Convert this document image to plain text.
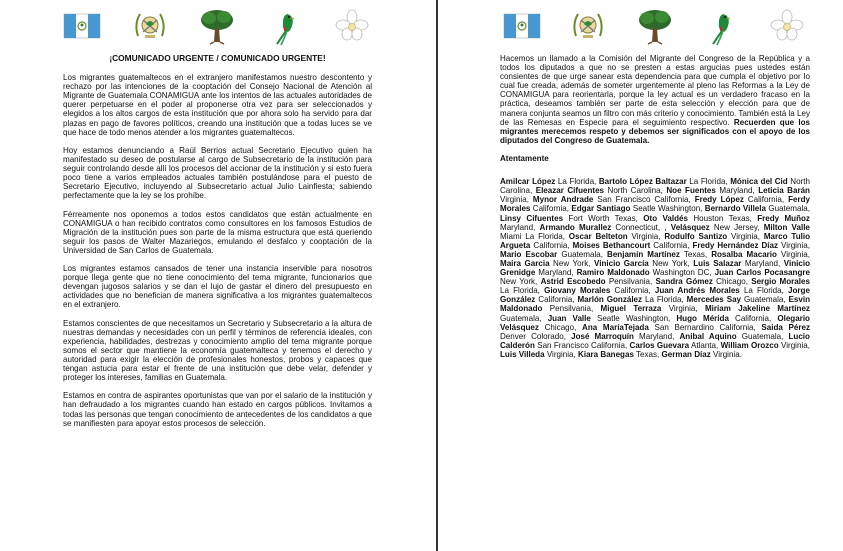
¡COMUNICADO URGENTE / COMUNICADO URGENTE!

Los migrantes guatemaltecos en el extranjero manifestamos nuestro descontento y rechazo por las intenciones de la cooptación del Consejo Nacional de Atención al Migrante de Guatemala CONAMIGUA ante los intentos de las actuales autoridades de querer perpetuarse en el poder al proponerse otra vez para ser seleccionados y elegidos a los altos cargos de esta institución que por ahora solo ha servido para dar plazas en pago de favores políticos, creando una institución que a todas luces se ve que hace de todo menos atender a los migrantes guatemaltecos.

Hoy estamos denunciando a Raúl Berrios actual Secretario Ejecutivo quien ha manifestado su deseo de postularse al cargo de Subsecretario de la institución para seguir controlando desde allí los procesos del accionar de la institución y si esto fuera poco tiene a varios empleados actuales también postulándose para el puesto de Secretario Ejecutivo, incluyendo al Subsecretario actual Julio Lainfiesta; sabiendo perfectamente que la ley se los prohíbe.

Férreamente nos oponemos a todos estos candidatos que están actualmente en CONAMIGUA o han recibido contratos como consultores en los famosos Estudios de Migración de la institución pues son parte de la misma estructura que está queriendo seguir los pasos de Walter Mazariegos, emulando el desfalco y cooptación de la Universidad de San Carlos de Guatemala.

Los migrantes estamos cansados de tener una instancia inservible para nosotros porque llega gente que no tiene conocimiento del tema migrante, funcionarios que devengan jugosos salarios y se dan el lujo de gastar el dinero del presupuesto en actividades que no benefician de manera significativa a los migrantes guatemaltecos en el extranjero.

Estamos conscientes de que necesitamos un Secretario y Subsecretario a la altura de nuestras demandas y necesidades con un perfil y términos de referencia ideales, con experiencia, habilidades, destrezas y conocimiento amplio del tema migrante porque somos el sector que mantiene la economía guatemalteca y tenemos el derecho y autoridad para exigir la elección de profesionales honestos, probos y capaces que tengan astucia para estar el frente de una institución que debe velar, defender y proteger los intereses, familias en Guatemala.

Estamos en contra de aspirantes oportunistas que van por el salario de la institución y han defraudado a los migrantes cuando han estado en cargos públicos. Invitamos a todas las personas que tengan conocimiento de antecedentes de los candidatos a que se manifiesten para apoyar estos procesos de selección.

Hacemos un llamado a la Comisión del Migrante del Congreso de la República y a todos los diputados a que no se presten a estas argucias pues ustedes están consientes de que urge sanear esta dependencia para que cumpla el objetivo por lo cual fue creada, además de someter urgentemente al pleno las Reformas a la Ley de CONAMIGUA para reorientarla, porque la ley actual es un verdadero fracaso en la práctica, deseamos también ser parte de esta selección y elección para que de manera conjunta seamos un filtro con más criterio y conocimiento. También está la Ley de las Remesas en Especie para el seguimiento respectivo. Recuerden que los migrantes merecemos respeto y debemos ser significados con el apoyo de los diputados del Congreso de Guatemala.

Atentamente

Amilcar López La Florida, Bartolo López Baltazar La Florida, Mónica del Cid North Carolina, Eleazar Cifuentes North Carolina, Noe Fuentes Maryland, Leticia Barán Virginia, Mynor Andrade San Francisco California, Fredy López California, Ferdy Morales California, Edgar Santiago Seatle Washington, Bernardo Villela Guatemala, Linsy Cifuentes Fort Worth Texas, Oto Valdés Houston Texas, Fredy Muñoz Maryland, Armando Murallez Connecticut, , Velásquez New Jersey, Milton Valle Miami La Florida, Oscar Belteton Virginia, Rodulfo Santizo Virginia, Marco Tulio Argueta California, Moises Bethancourt California, Fredy Hernández Díaz Virginia, Mario Escobar Guatemala, Benjamín Martínez Texas, Rosalba Macario Virginia, Maira Garcia New York, Vinicio García New York, Luis Salazar Maryland, Vinicio Grenidge Maryland, Ramiro Maldonado Washington DC, Juan Carlos Pocasangre New York, Astrid Escobedo Pensilvania, Sandra Gómez Chicago, Sergio Morales La Florida, Giovany Morales California, Juan Andrés Morales La Florida, Jorge González California, Marlón González La Florida, Mercedes Say Guatemala, Esvin Maldonado Pensilvania, Miguel Terraza Virginia, Miriam Jakeline Martínez Guatemala, Juan Valle Seatle Washington, Hugo Mérida California, Olegario Velásquez Chicago, Ana MaríaTejada San Bernardino California, Saida Pérez Denver Colorado, José Marroquín Maryland, Anibal Aquino Guatemala, Lucio Calderón San Francisco California, Carlos Guevara Atlanta, William Orozco Virginia, Luis Villeda Virginia, Kiara Banegas Texas, German Díaz Virginia.
